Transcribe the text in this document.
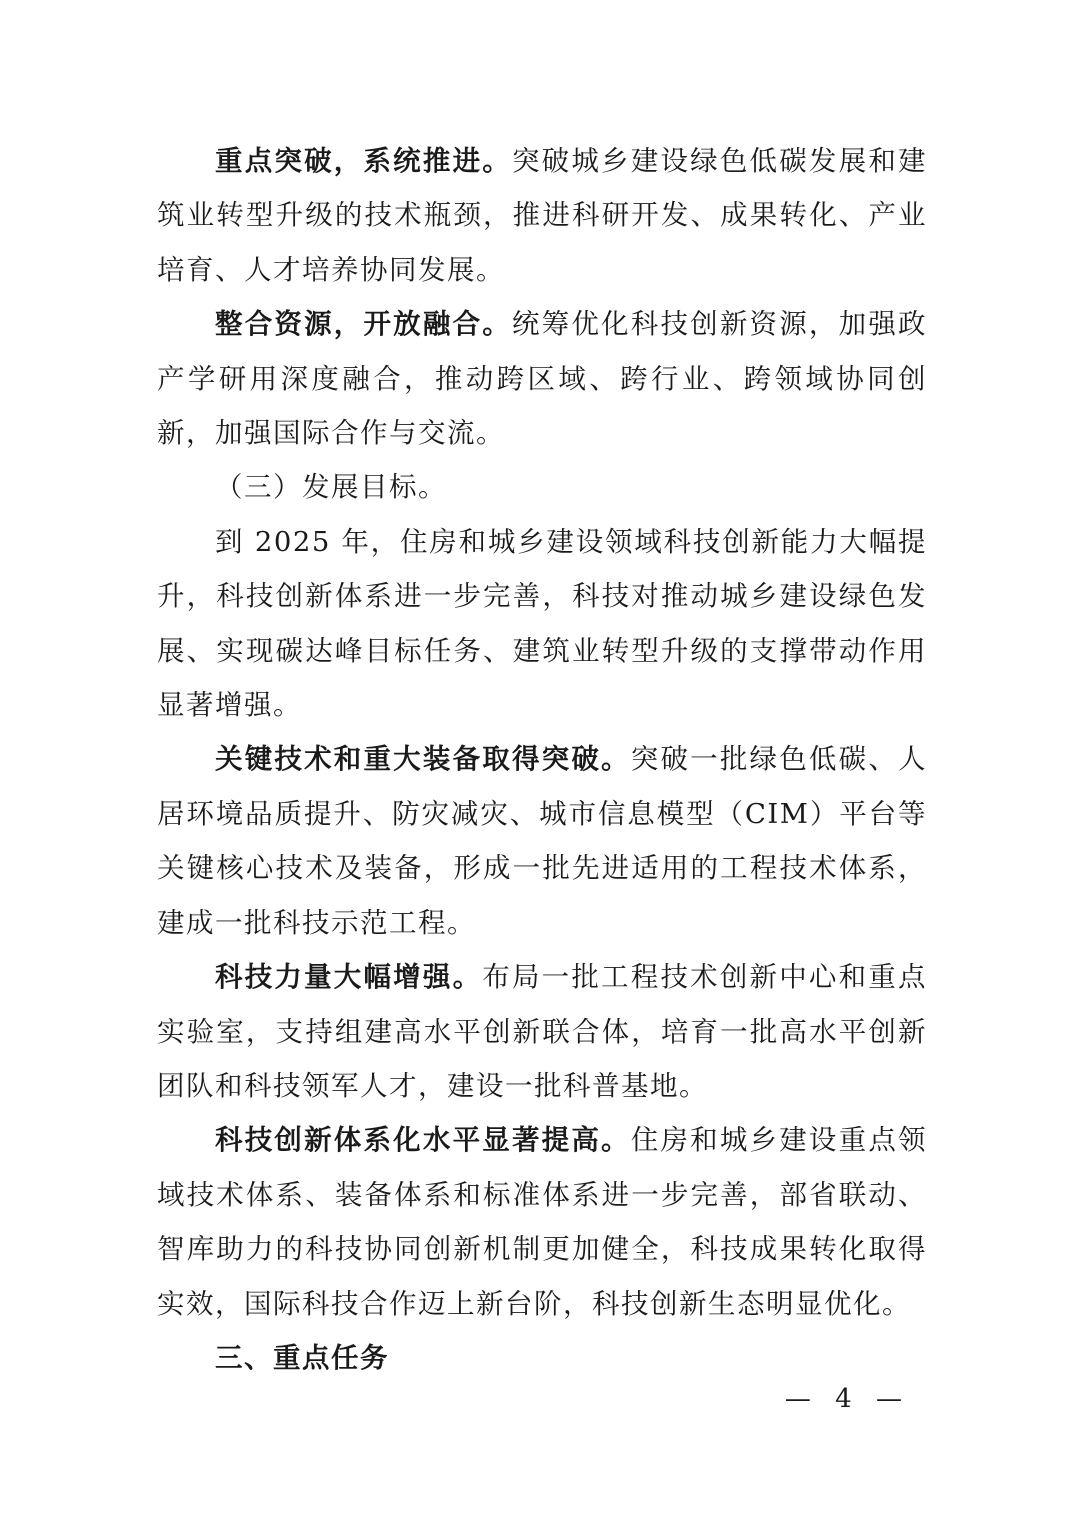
重点突破，系统推进。突破城乡建设绿色低碳发展和建筑业转型升级的技术瓶颈，推进科研开发、成果转化、产业培育、人才培养协同发展。

整合资源，开放融合。统筹优化科技创新资源，加强政产学研用深度融合，推动跨区域、跨行业、跨领域协同创新，加强国际合作与交流。

（三）发展目标。

到 2025 年，住房和城乡建设领域科技创新能力大幅提升，科技创新体系进一步完善，科技对推动城乡建设绿色发展、实现碳达峰目标任务、建筑业转型升级的支撑带动作用显著增强。

关键技术和重大装备取得突破。突破一批绿色低碳、人居环境品质提升、防灾减灾、城市信息模型（CIM）平台等关键核心技术及装备，形成一批先进适用的工程技术体系，建成一批科技示范工程。

科技力量大幅增强。布局一批工程技术创新中心和重点实验室，支持组建高水平创新联合体，培育一批高水平创新团队和科技领军人才，建设一批科普基地。

科技创新体系化水平显著提高。住房和城乡建设重点领域技术体系、装备体系和标准体系进一步完善，部省联动、智库助力的科技协同创新机制更加健全，科技成果转化取得实效，国际科技合作迈上新台阶，科技创新生态明显优化。

三、重点任务

— 4 —
